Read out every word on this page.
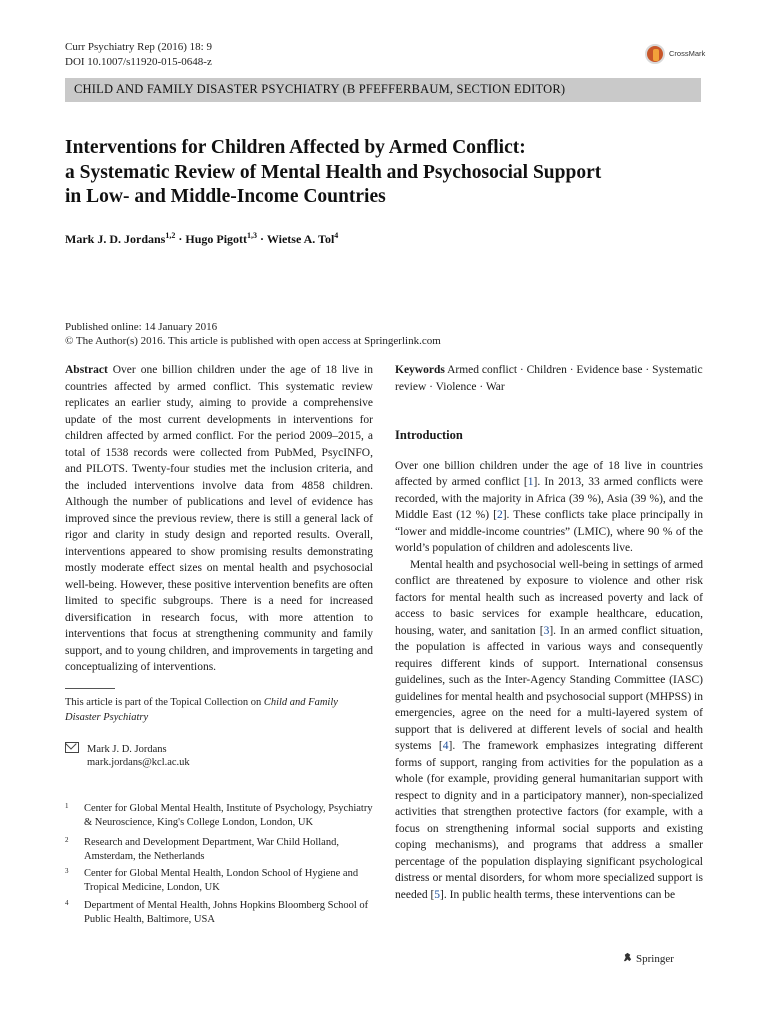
Curr Psychiatry Rep (2016) 18: 9
DOI 10.1007/s11920-015-0648-z
CrossMark
CHILD AND FAMILY DISASTER PSYCHIATRY (B PFEFFERBAUM, SECTION EDITOR)
Interventions for Children Affected by Armed Conflict:
a Systematic Review of Mental Health and Psychosocial Support
in Low- and Middle-Income Countries
Mark J. D. Jordans$^{1,2}$ · Hugo Pigott$^{1,3}$ · Wietse A. Tol$^4$
Published online: 14 January 2016
© The Author(s) 2016. This article is published with open access at Springerlink.com
Abstract Over one billion children under the age of 18 live in countries affected by armed conflict. This systematic review replicates an earlier study, aiming to provide a comprehensive update of the most current developments in interventions for children affected by armed conflict. For the period 2009–2015, a total of 1538 records were collected from PubMed, PsycINFO, and PILOTS. Twenty-four studies met the inclusion criteria, and the included interventions involve data from 4858 children. Although the number of publications and level of evidence has improved since the previous review, there is still a general lack of rigor and clarity in study design and reported results. Overall, interventions appeared to show promising results demonstrating mostly moderate effect sizes on mental health and psychosocial well-being. However, these positive intervention benefits are often limited to specific subgroups. There is a need for increased diversification in research focus, with more attention to interventions that focus at strengthening community and family support, and to young children, and improvements in targeting and conceptualizing of interventions.
This article is part of the Topical Collection on Child and Family Disaster Psychiatry
Mark J. D. Jordans
mark.jordans@kcl.ac.uk
1 Center for Global Mental Health, Institute of Psychology, Psychiatry & Neuroscience, King's College London, London, UK
2 Research and Development Department, War Child Holland, Amsterdam, the Netherlands
3 Center for Global Mental Health, London School of Hygiene and Tropical Medicine, London, UK
4 Department of Mental Health, Johns Hopkins Bloomberg School of Public Health, Baltimore, USA
Keywords Armed conflict · Children · Evidence base · Systematic review · Violence · War
Introduction
Over one billion children under the age of 18 live in countries affected by armed conflict [1]. In 2013, 33 armed conflicts were recorded, with the majority in Africa (39 %), Asia (39 %), and the Middle East (12 %) [2]. These conflicts take place principally in “lower and middle-income countries” (LMIC), where 90 % of the world’s population of children and adolescents live.
Mental health and psychosocial well-being in settings of armed conflict are threatened by exposure to violence and other risk factors for mental health such as increased poverty and lack of access to basic services for example healthcare, education, housing, water, and sanitation [3]. In an armed conflict situation, the population is affected in various ways and consequently requires different kinds of support. International consensus guidelines, such as the Inter-Agency Standing Committee (IASC) guidelines for mental health and psychosocial support (MHPSS) in emergencies, agree on the need for a multi-layered system of support that is delivered at different levels of social and health systems [4]. The framework emphasizes integrating different forms of support, ranging from activities for the population as a whole (for example, providing general humanitarian support with respect to dignity and in a participatory manner), non-specialized activities that strengthen protective factors (for example, with a focus on strengthening informal social supports and existing coping mechanisms), and programs that address a smaller percentage of the population displaying significant psychological distress or mental disorders, for whom more specialized support is needed [5]. In public health terms, these interventions can be
Springer
